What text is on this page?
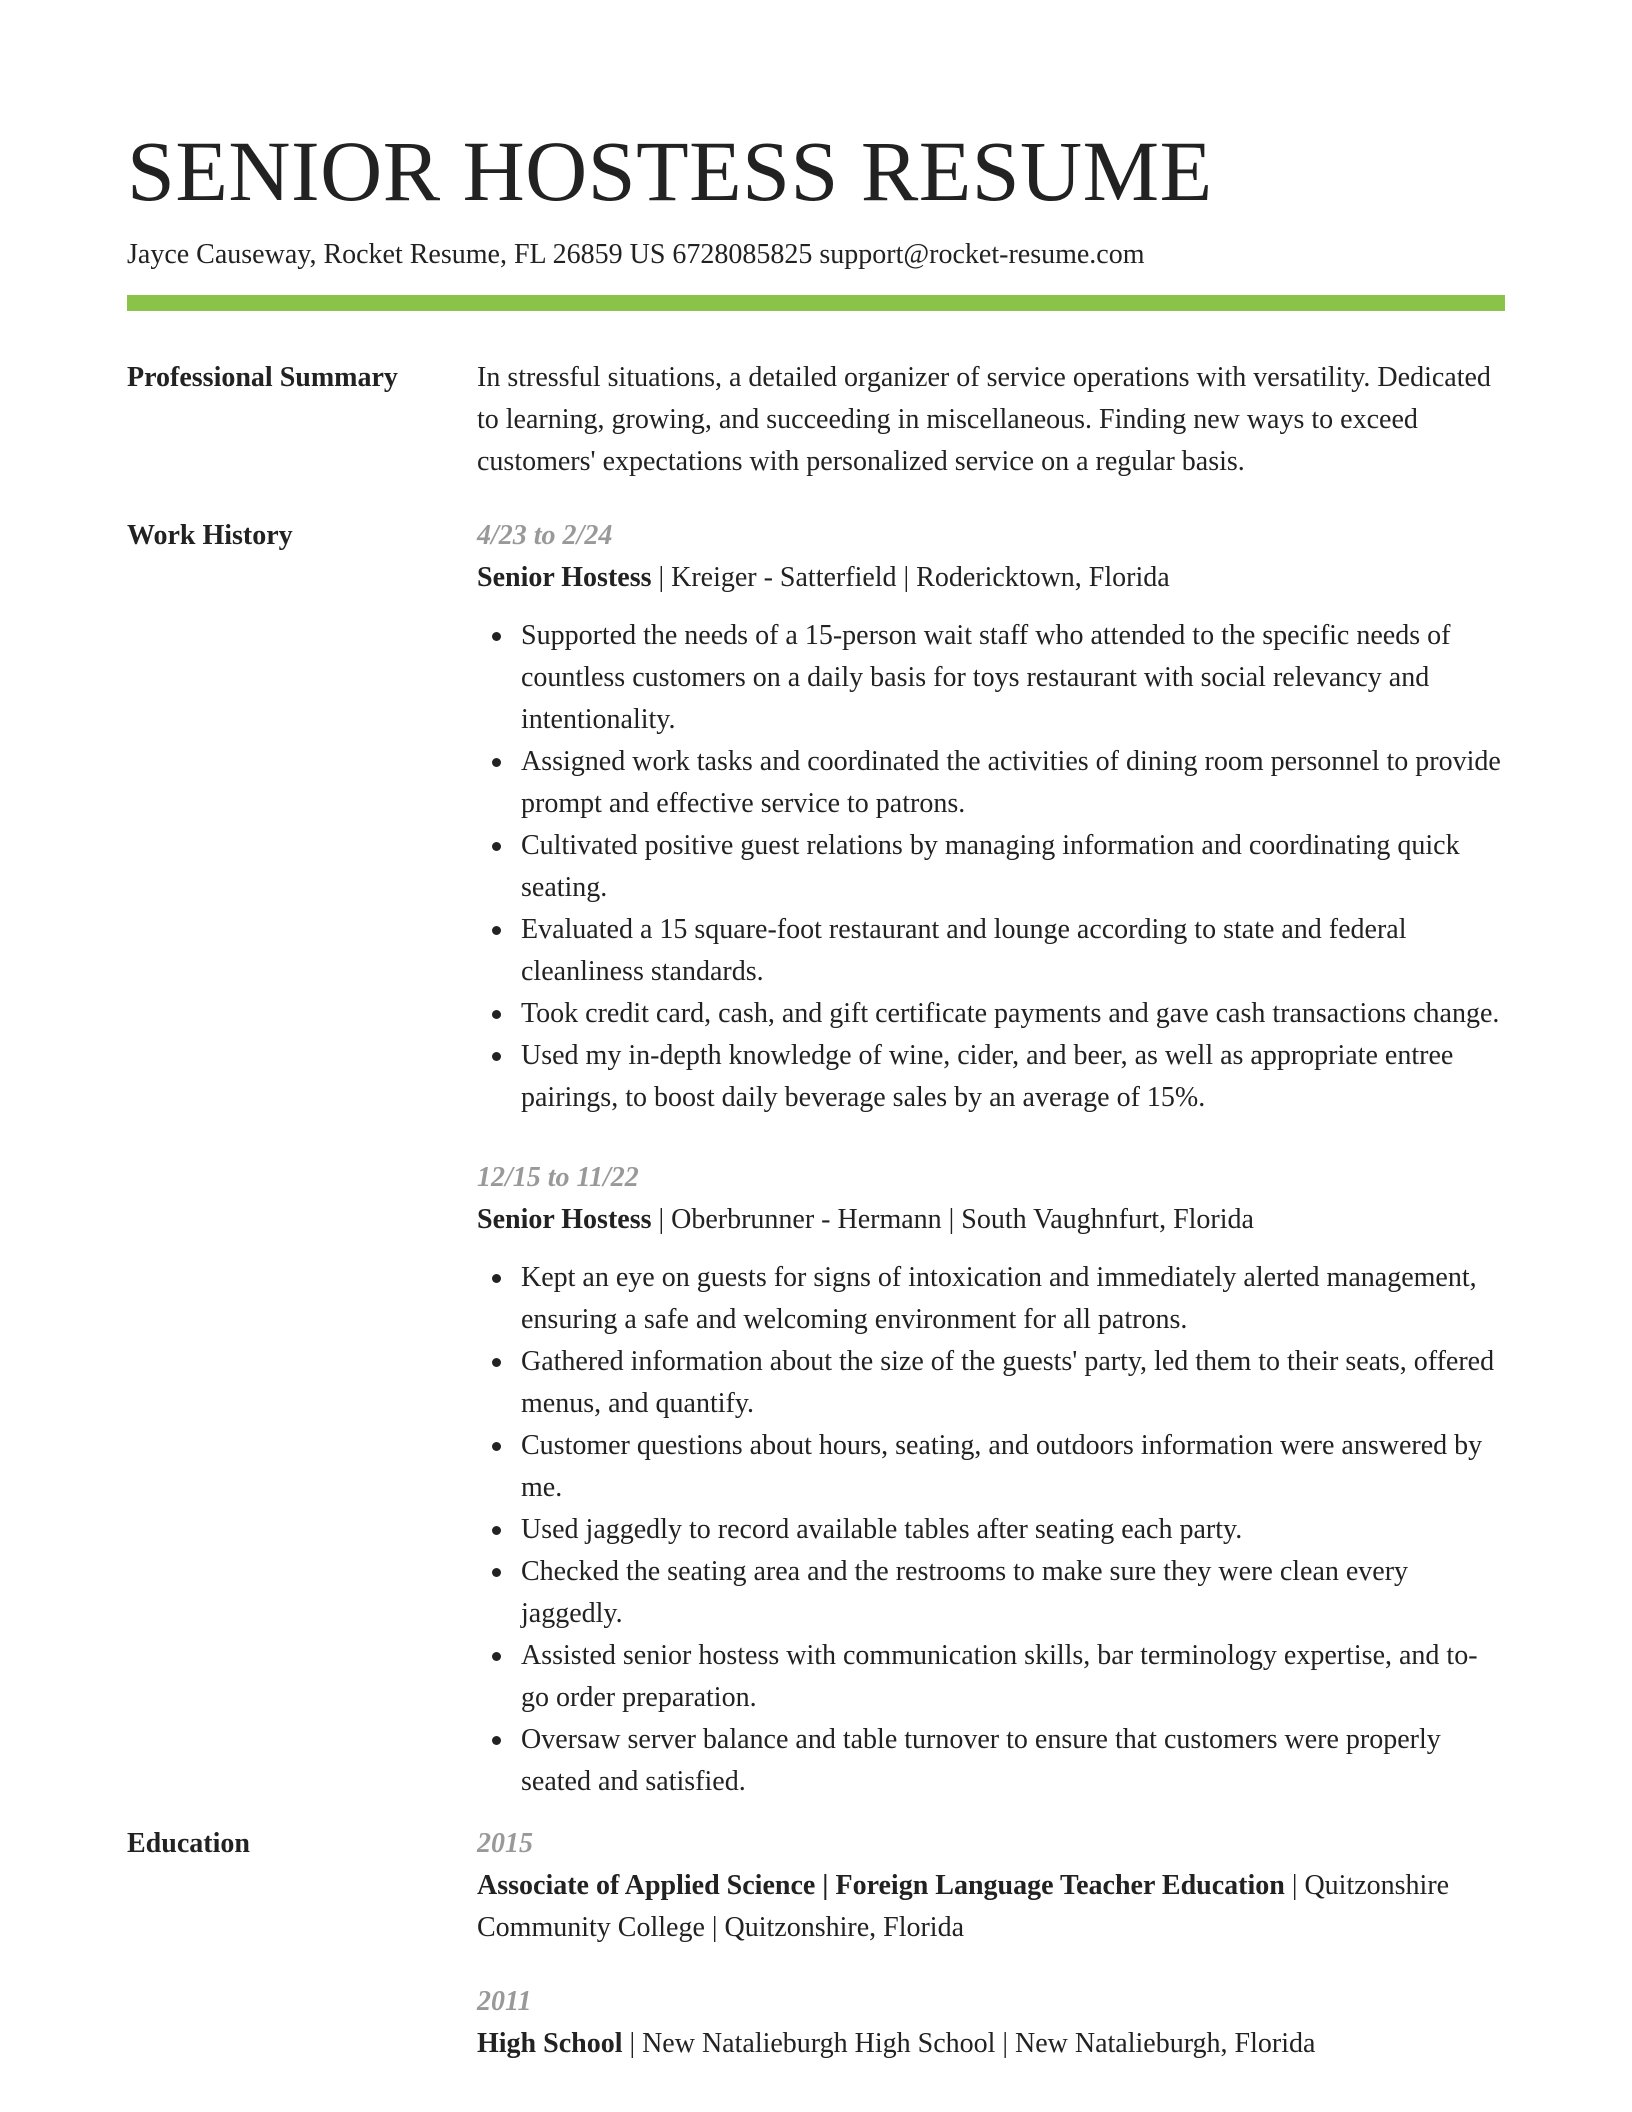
SENIOR HOSTESS RESUME
Jayce Causeway, Rocket Resume, FL 26859 US 6728085825 support@rocket-resume.com
Professional Summary	In stressful situations, a detailed organizer of service operations with versatility. Dedicated to learning, growing, and succeeding in miscellaneous. Finding new ways to exceed customers' expectations with personalized service on a regular basis.

Work History	4/23 to 2/24

Senior Hostess | Kreiger - Satterfield | Rodericktown, Florida

Supported the needs of a 15-person wait staff who attended to the specific needs of countless customers on a daily basis for toys restaurant with social relevancy and intentionality.
Assigned work tasks and coordinated the activities of dining room personnel to provide prompt and effective service to patrons.
Cultivated positive guest relations by managing information and coordinating quick seating.
Evaluated a 15 square-foot restaurant and lounge according to state and federal cleanliness standards.
Took credit card, cash, and gift certificate payments and gave cash transactions change.
Used my in-depth knowledge of wine, cider, and beer, as well as appropriate entree pairings, to boost daily beverage sales by an average of 15%.

12/15 to 11/22

Senior Hostess | Oberbrunner - Hermann | South Vaughnfurt, Florida

Kept an eye on guests for signs of intoxication and immediately alerted management, ensuring a safe and welcoming environment for all patrons.
Gathered information about the size of the guests' party, led them to their seats, offered menus, and quantify.
Customer questions about hours, seating, and outdoors information were answered by me.
Used jaggedly to record available tables after seating each party.
Checked the seating area and the restrooms to make sure they were clean every jaggedly.
Assisted senior hostess with communication skills, bar terminology expertise, and to-go order preparation.
Oversaw server balance and table turnover to ensure that customers were properly seated and satisfied.
Education	2015

Associate of Applied Science | Foreign Language Teacher Education | Quitzonshire Community College | Quitzonshire, Florida

2011

High School | New Natalieburgh High School | New Natalieburgh, Florida
